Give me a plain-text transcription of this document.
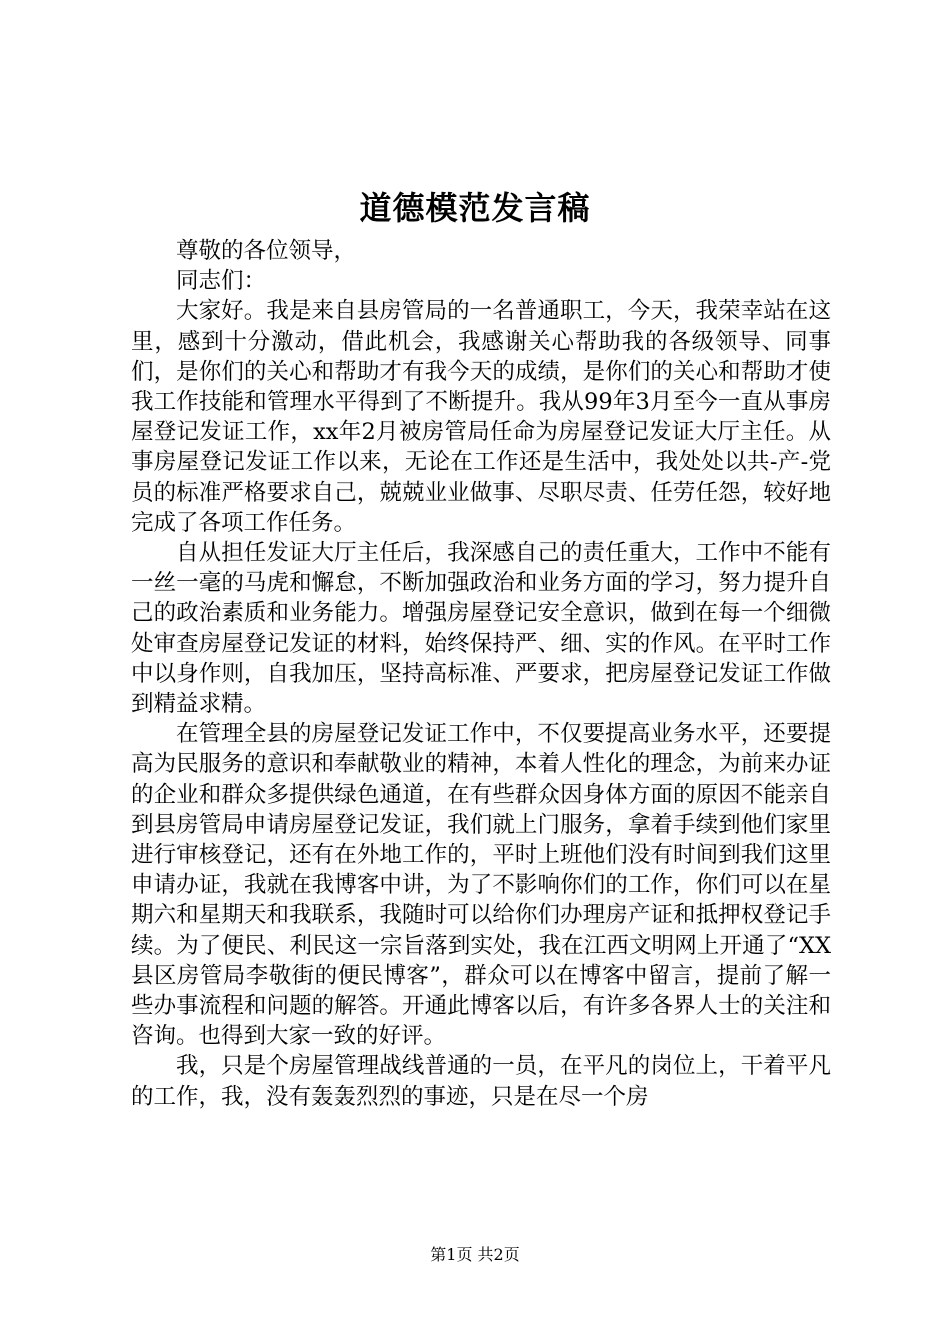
道德模范发言稿

尊敬的各位领导，

同志们：

大家好。我是来自县房管局的一名普通职工，今天，我荣幸站在这里，感到十分激动，借此机会，我感谢关心帮助我的各级领导、同事们，是你们的关心和帮助才有我今天的成绩，是你们的关心和帮助才使我工作技能和管理水平得到了不断提升。我从99年3月至今一直从事房屋登记发证工作，xx年2月被房管局任命为房屋登记发证大厅主任。从事房屋登记发证工作以来，无论在工作还是生活中，我处处以共-产-党员的标准严格要求自己，兢兢业业做事、尽职尽责、任劳任怨，较好地完成了各项工作任务。

自从担任发证大厅主任后，我深感自己的责任重大，工作中不能有一丝一毫的马虎和懈怠，不断加强政治和业务方面的学习，努力提升自己的政治素质和业务能力。增强房屋登记安全意识，做到在每一个细微处审查房屋登记发证的材料，始终保持严、细、实的作风。在平时工作中以身作则，自我加压，坚持高标准、严要求，把房屋登记发证工作做到精益求精。

在管理全县的房屋登记发证工作中，不仅要提高业务水平，还要提高为民服务的意识和奉献敬业的精神，本着人性化的理念，为前来办证的企业和群众多提供绿色通道，在有些群众因身体方面的原因不能亲自到县房管局申请房屋登记发证，我们就上门服务，拿着手续到他们家里进行审核登记，还有在外地工作的，平时上班他们没有时间到我们这里申请办证，我就在我博客中讲，为了不影响你们的工作，你们可以在星期六和星期天和我联系，我随时可以给你们办理房产证和抵押权登记手续。为了便民、利民这一宗旨落到实处，我在江西文明网上开通了“XX县区房管局李敬街的便民博客”，群众可以在博客中留言，提前了解一些办事流程和问题的解答。开通此博客以后，有许多各界人士的关注和咨询。也得到大家一致的好评。

我，只是个房屋管理战线普通的一员，在平凡的岗位上，干着平凡的工作，我，没有轰轰烈烈的事迹，只是在尽一个房

第1页 共2页
